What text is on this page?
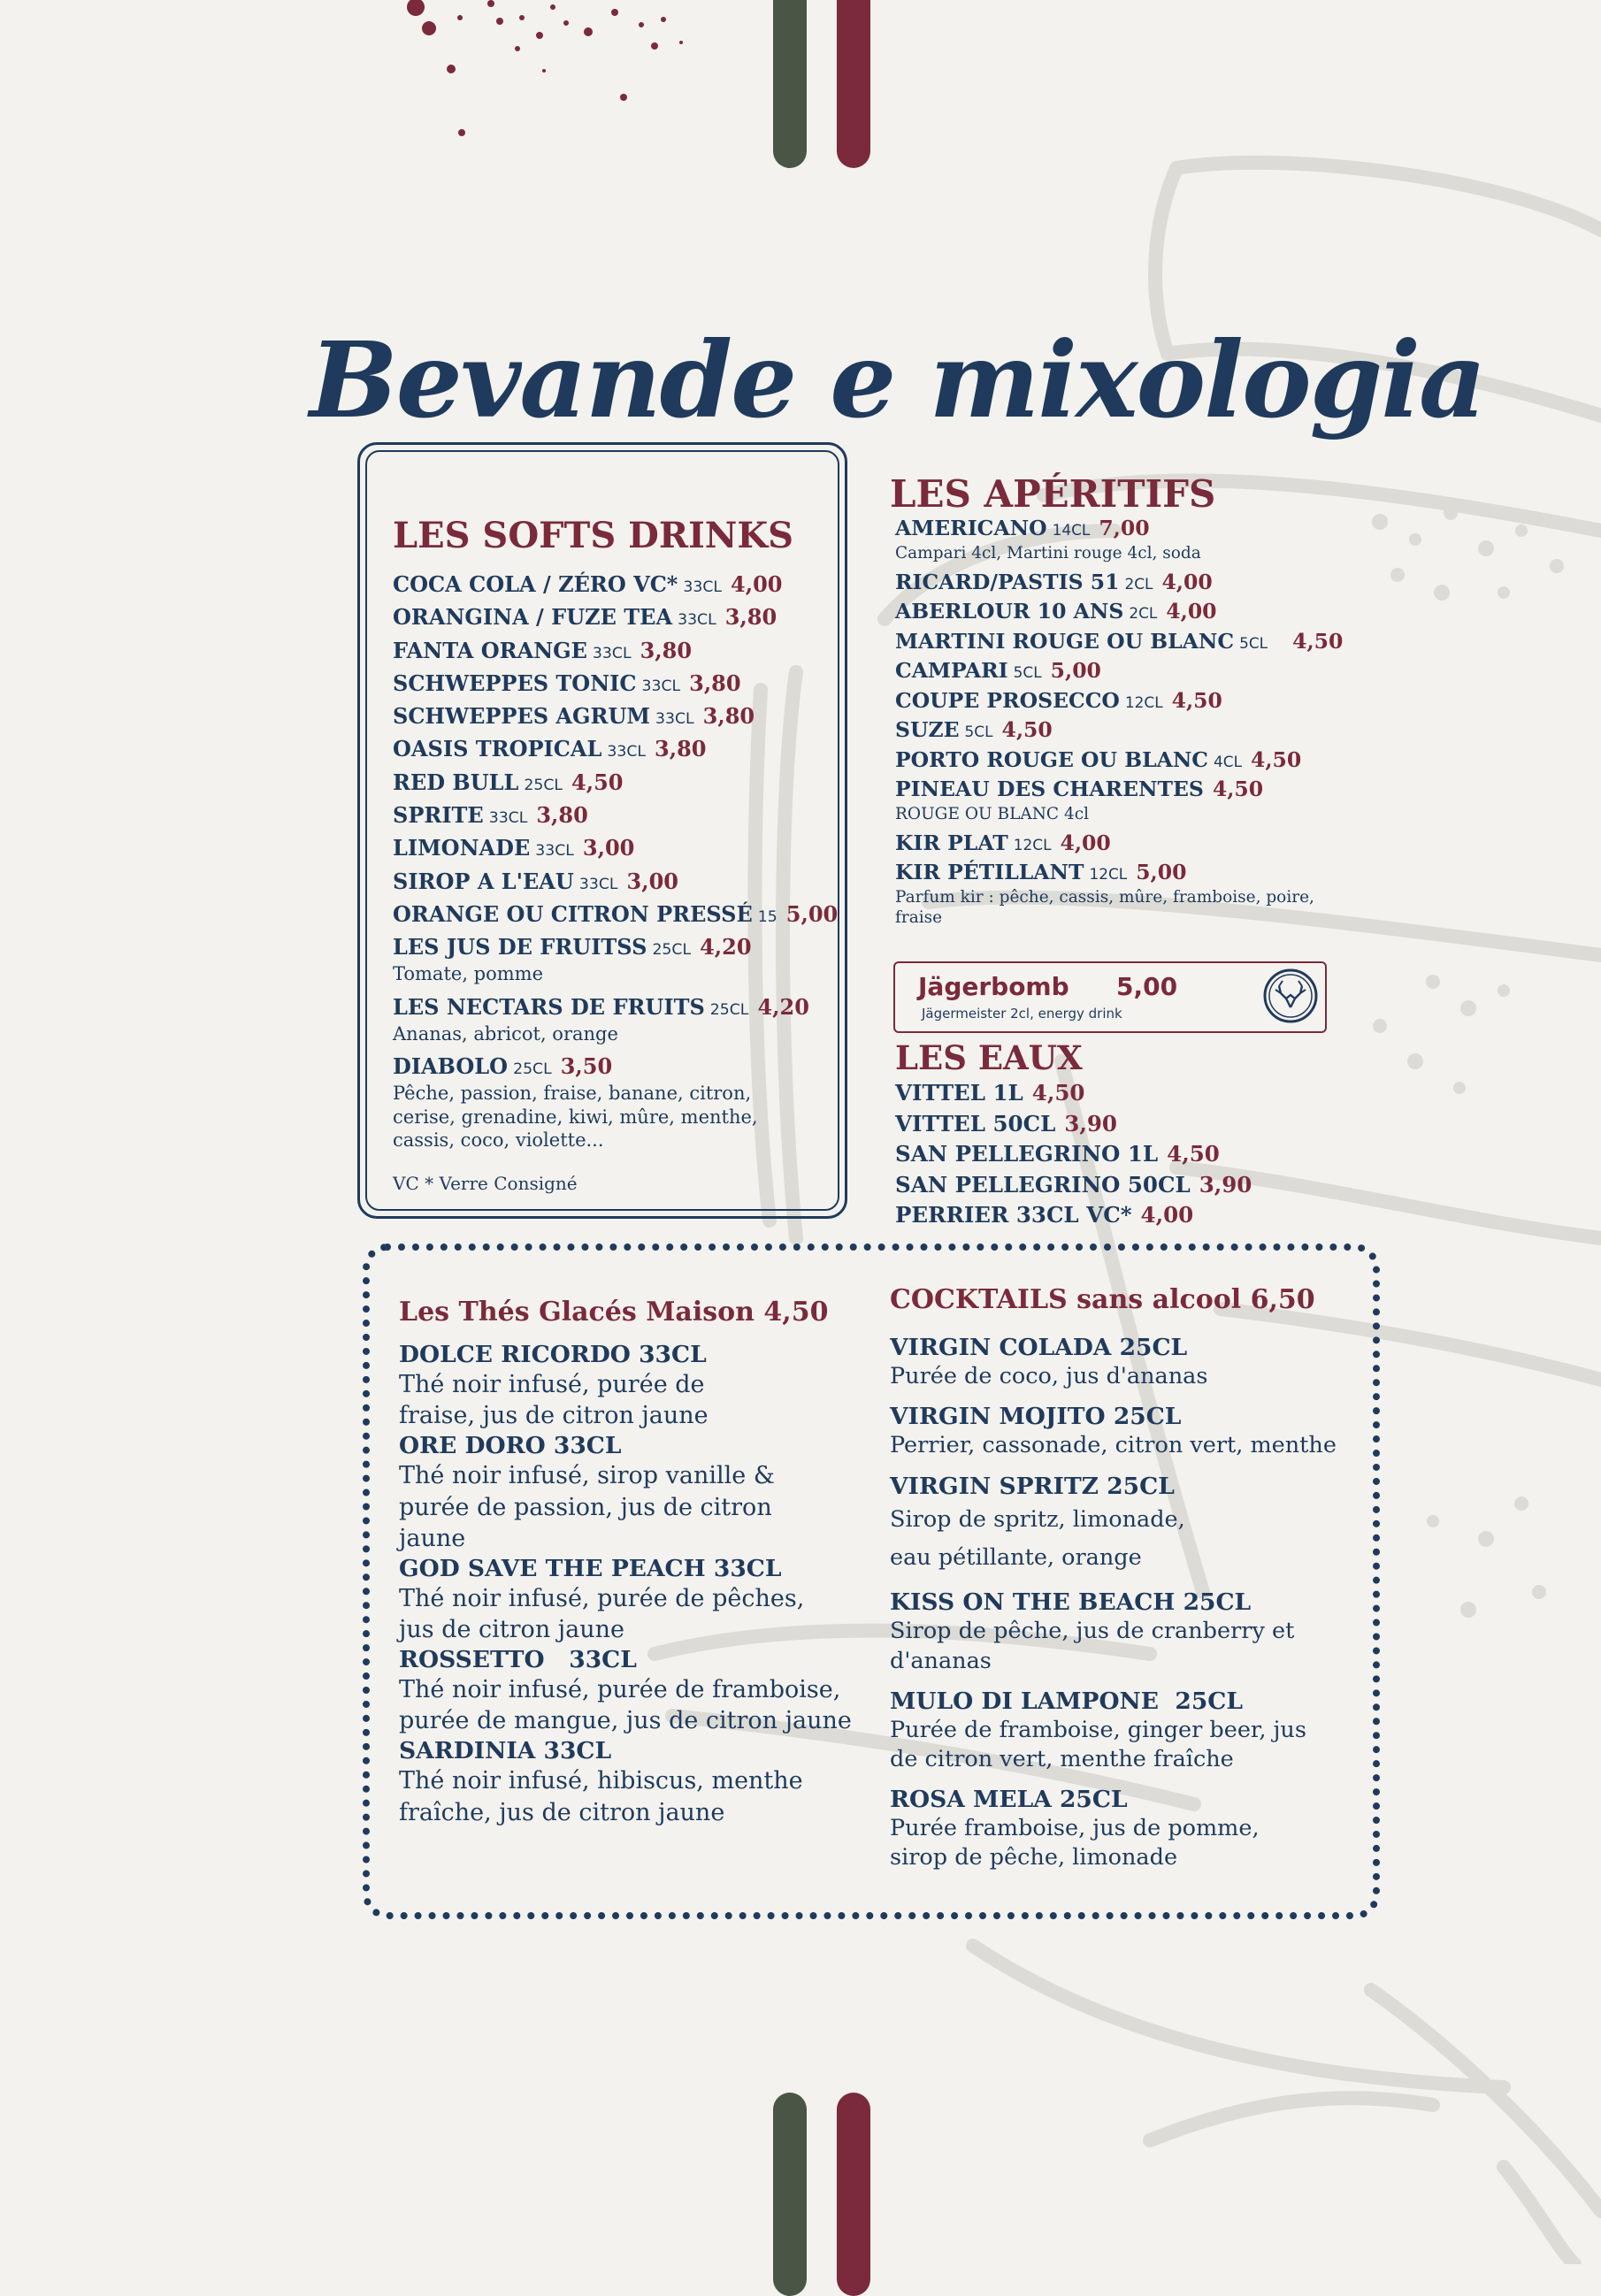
Bevande e mixologia
LES SOFTS DRINKS
COCA COLA / ZÉRO VC* 33CL 4,00
ORANGINA / FUZE TEA 33CL 3,80
FANTA ORANGE 33CL 3,80
SCHWEPPES TONIC 33CL 3,80
SCHWEPPES AGRUM 33CL 3,80
OASIS TROPICAL 33CL 3,80
RED BULL 25CL 4,50
SPRITE 33CL 3,80
LIMONADE 33CL 3,00
SIROP A L'EAU 33CL 3,00
ORANGE OU CITRON PRESSÉ 15 5,00
LES JUS DE FRUITSS 25CL 4,20
Tomate, pomme
LES NECTARS DE FRUITS 25CL 4,20
Ananas, abricot, orange
DIABOLO 25CL 3,50
Pêche, passion, fraise, banane, citron, cerise, grenadine, kiwi, mûre, menthe, cassis, coco, violette...
VC * Verre Consigné
LES APÉRITIFS
AMERICANO 14CL 7,00
Campari 4cl, Martini rouge 4cl, soda
RICARD/PASTIS 51 2CL 4,00
ABERLOUR 10 ANS 2CL 4,00
MARTINI ROUGE OU BLANC 5CL 4,50
CAMPARI 5CL 5,00
COUPE PROSECCO 12CL 4,50
SUZE 5CL 4,50
PORTO ROUGE OU BLANC 4CL 4,50
PINEAU DES CHARENTES 4,50
ROUGE OU BLANC 4cl
KIR PLAT 12CL 4,00
KIR PÉTILLANT 12CL 5,00
Parfum kir : pêche, cassis, mûre, framboise, poire, fraise
Jägerbomb 5,00
Jägermeister 2cl, energy drink
LES EAUX
VITTEL 1L 4,50
VITTEL 50CL 3,90
SAN PELLEGRINO 1L 4,50
SAN PELLEGRINO 50CL 3,90
PERRIER 33CL VC* 4,00
Les Thés Glacés Maison 4,50
DOLCE RICORDO 33CL
Thé noir infusé, purée de fraise, jus de citron jaune
ORE DORO 33CL
Thé noir infusé, sirop vanille & purée de passion, jus de citron jaune
GOD SAVE THE PEACH 33CL
Thé noir infusé, purée de pêches, jus de citron jaune
ROSSETTO   33CL
Thé noir infusé, purée de framboise, purée de mangue, jus de citron jaune
SARDINIA 33CL
Thé noir infusé, hibiscus, menthe fraîche, jus de citron jaune
COCKTAILS sans alcool 6,50
VIRGIN COLADA 25CL
Purée de coco, jus d'ananas
VIRGIN MOJITO 25CL
Perrier, cassonade, citron vert, menthe
VIRGIN SPRITZ 25CL
Sirop de spritz, limonade, eau pétillante, orange
KISS ON THE BEACH 25CL
Sirop de pêche, jus de cranberry et d'ananas
MULO DI LAMPONE  25CL
Purée de framboise, ginger beer, jus de citron vert, menthe fraîche
ROSA MELA 25CL
Purée framboise, jus de pomme, sirop de pêche, limonade
